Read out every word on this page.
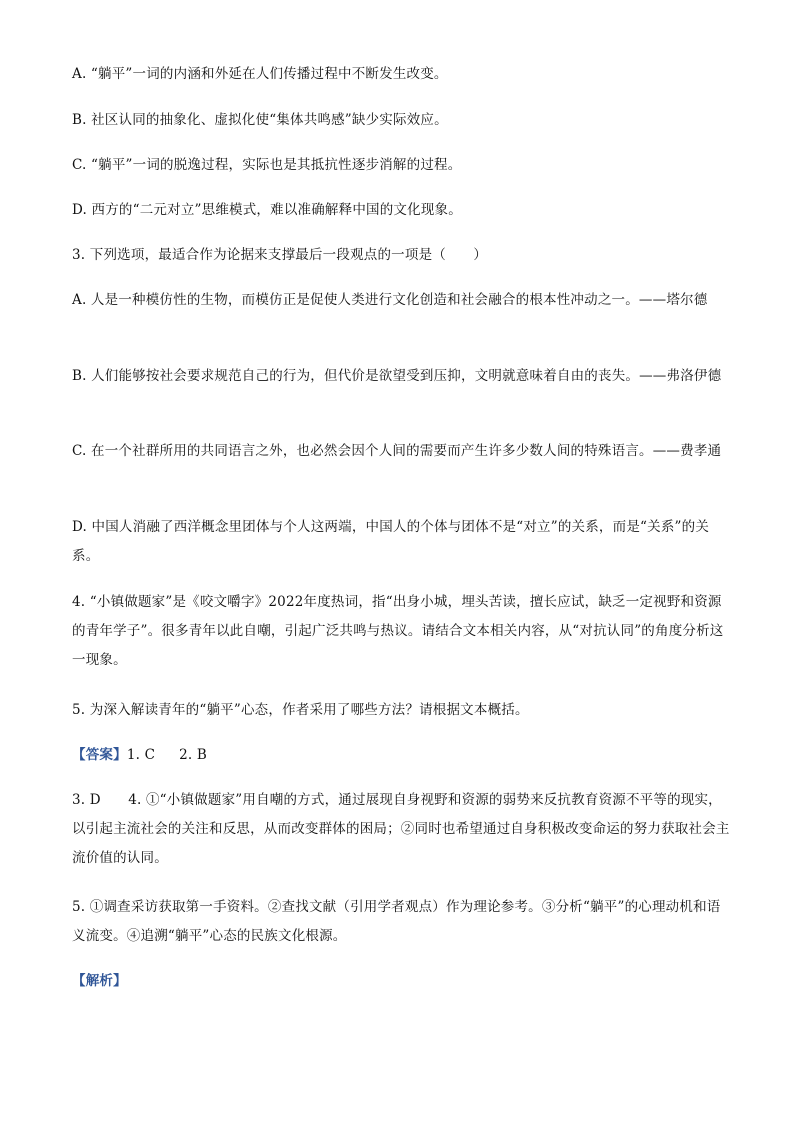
A. “躺平”一词的内涵和外延在人们传播过程中不断发生改变。
B. 社区认同的抽象化、虚拟化使“集体共鸣感”缺少实际效应。
C. “躺平”一词的脱逸过程，实际也是其抵抗性逐步消解的过程。
D. 西方的“二元对立”思维模式，难以准确解释中国的文化现象。
3. 下列选项，最适合作为论据来支撑最后一段观点的一项是（　　）
A. 人是一种模仿性的生物，而模仿正是促使人类进行文化创造和社会融合的根本性冲动之一。——塔尔德
B. 人们能够按社会要求规范自己的行为，但代价是欲望受到压抑，文明就意味着自由的丧失。——弗洛伊德
C. 在一个社群所用的共同语言之外，也必然会因个人间的需要而产生许多少数人间的特殊语言。——费孝通
D. 中国人消融了西洋概念里团体与个人这两端，中国人的个体与团体不是“对立”的关系，而是“关系”的关系。
4. “小镇做题家”是《咬文嚼字》2022年度热词，指“出身小城，埋头苦读，擅长应试，缺乏一定视野和资源的青年学子”。很多青年以此自嘲，引起广泛共鸣与热议。请结合文本相关内容，从“对抗认同”的角度分析这一现象。
5. 为深入解读青年的“躺平”心态，作者采用了哪些方法？请根据文本概括。
【答案】1. C 2. B
3. D　　4. ①“小镇做题家”用自嘲的方式，通过展现自身视野和资源的弱势来反抗教育资源不平等的现实，以引起主流社会的关注和反思，从而改变群体的困局；②同时也希望通过自身积极改变命运的努力获取社会主流价值的认同。
5. ①调查采访获取第一手资料。②查找文献（引用学者观点）作为理论参考。③分析“躺平”的心理动机和语义流变。④追溯“躺平”心态的民族文化根源。
【解析】
